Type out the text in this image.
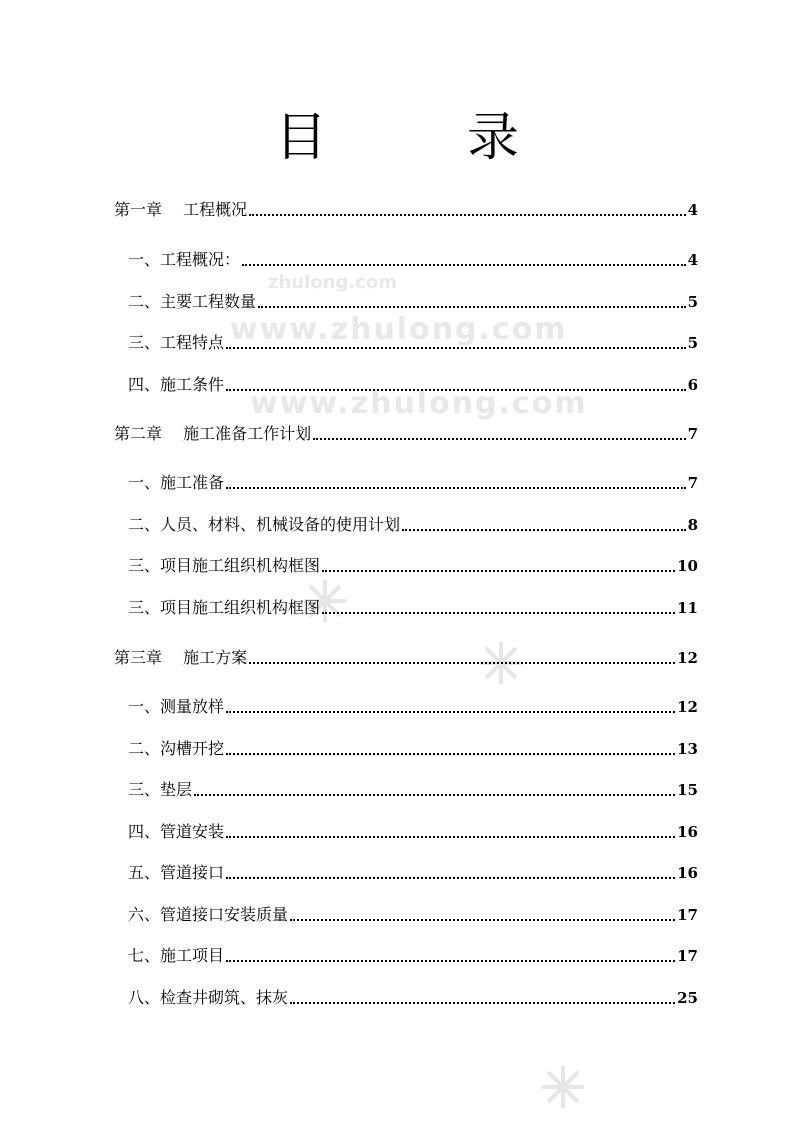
目　录
zhulong.com
www.zhulong.com
www.zhulong.com
第一章　 工程概况	4
一、工程概况：	4
二、主要工程数量	5
三、工程特点	5
四、施工条件	6
第二章　 施工准备工作计划	7
一、施工准备	7
二、人员、材料、机械设备的使用计划	8
三、项目施工组织机构框图	10
三、项目施工组织机构框图	11
第三章　 施工方案	12
一、测量放样	12
二、沟槽开挖	13
三、垫层	15
四、管道安装	16
五、管道接口	16
六、管道接口安装质量	17
七、施工项目	17
八、检查井砌筑、抹灰	25
